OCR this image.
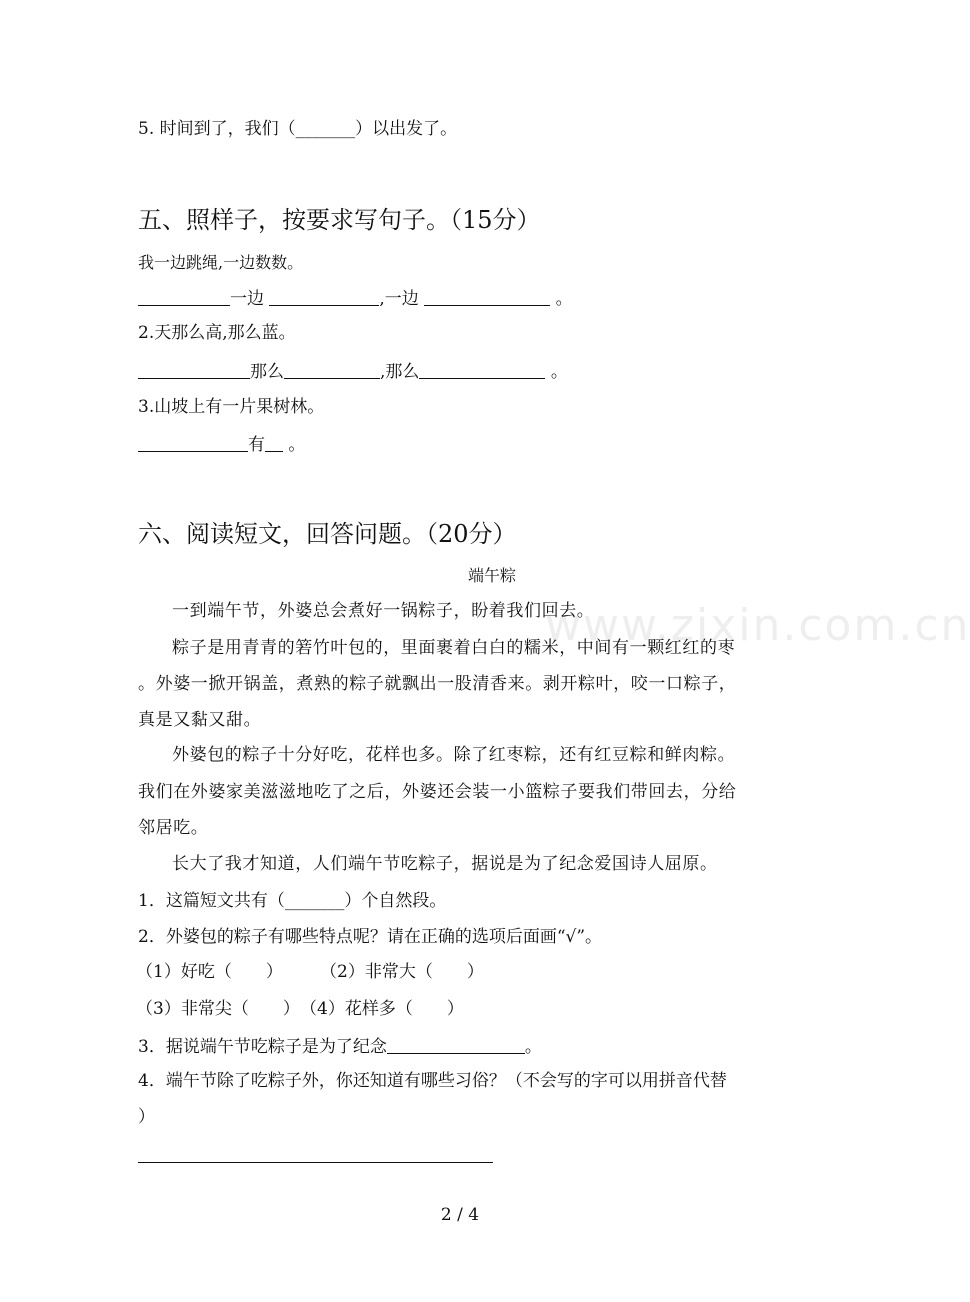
5. 时间到了，我们（_______）以出发了。
五、照样子，按要求写句子。（15分）
我一边跳绳,一边数数。
一边	,一边	。
2.天那么高,那么蓝。
那么	,那么	。
3.山坡上有一片果树林。
有 。
六、阅读短文，回答问题。（20分）
端午粽
一到端午节，外婆总会煮好一锅粽子，盼着我们回去。
粽子是用青青的箬竹叶包的，里面裹着白白的糯米，中间有一颗红红的枣
。外婆一掀开锅盖，煮熟的粽子就飘出一股清香来。剥开粽叶，咬一口粽子，
真是又黏又甜。
外婆包的粽子十分好吃，花样也多。除了红枣粽，还有红豆粽和鲜肉粽。
我们在外婆家美滋滋地吃了之后，外婆还会装一小篮粽子要我们带回去，分给
邻居吃。
长大了我才知道，人们端午节吃粽子，据说是为了纪念爱国诗人屈原。
1．这篇短文共有（_______）个自然段。
2．外婆包的粽子有哪些特点呢？请在正确的选项后面画“√”。
（1）好吃（　　） （2）非常大（　　）
（3）非常尖（　　） （4）花样多（　　）
3．据说端午节吃粽子是为了纪念	。
4．端午节除了吃粽子外，你还知道有哪些习俗？（不会写的字可以用拼音代替
）
2 / 4
www.zixin.com.cn
